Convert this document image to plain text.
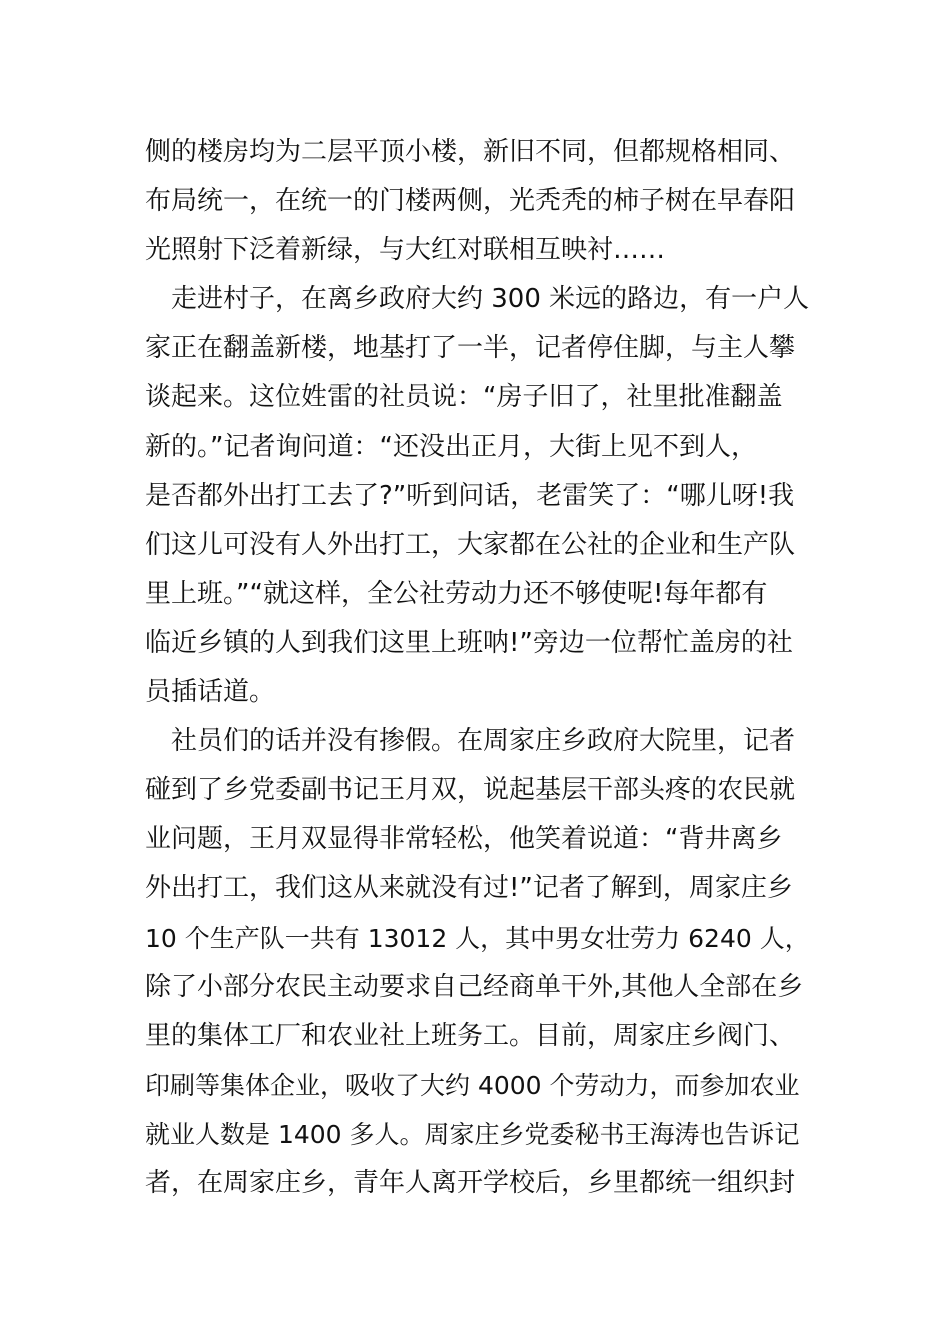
侧的楼房均为二层平顶小楼，新旧不同，但都规格相同、
布局统一，在统一的门楼两侧，光秃秃的柿子树在早春阳
光照射下泛着新绿，与大红对联相互映衬……
　走进村子，在离乡政府大约 300 米远的路边，有一户人
家正在翻盖新楼，地基打了一半，记者停住脚，与主人攀
谈起来。这位姓雷的社员说：“房子旧了，社里批准翻盖
新的。”记者询问道：“还没出正月，大街上见不到人，
是否都外出打工去了?”听到问话，老雷笑了：“哪儿呀!我
们这儿可没有人外出打工，大家都在公社的企业和生产队
里上班。”“就这样，全公社劳动力还不够使呢!每年都有
临近乡镇的人到我们这里上班呐!”旁边一位帮忙盖房的社
员插话道。
　社员们的话并没有掺假。在周家庄乡政府大院里，记者
碰到了乡党委副书记王月双，说起基层干部头疼的农民就
业问题，王月双显得非常轻松，他笑着说道：“背井离乡
外出打工，我们这从来就没有过!”记者了解到，周家庄乡
10 个生产队一共有 13012 人，其中男女壮劳力 6240 人，
除了小部分农民主动要求自己经商单干外,其他人全部在乡
里的集体工厂和农业社上班务工。目前，周家庄乡阀门、
印刷等集体企业，吸收了大约 4000 个劳动力，而参加农业
就业人数是 1400 多人。周家庄乡党委秘书王海涛也告诉记
者，在周家庄乡，青年人离开学校后，乡里都统一组织封
